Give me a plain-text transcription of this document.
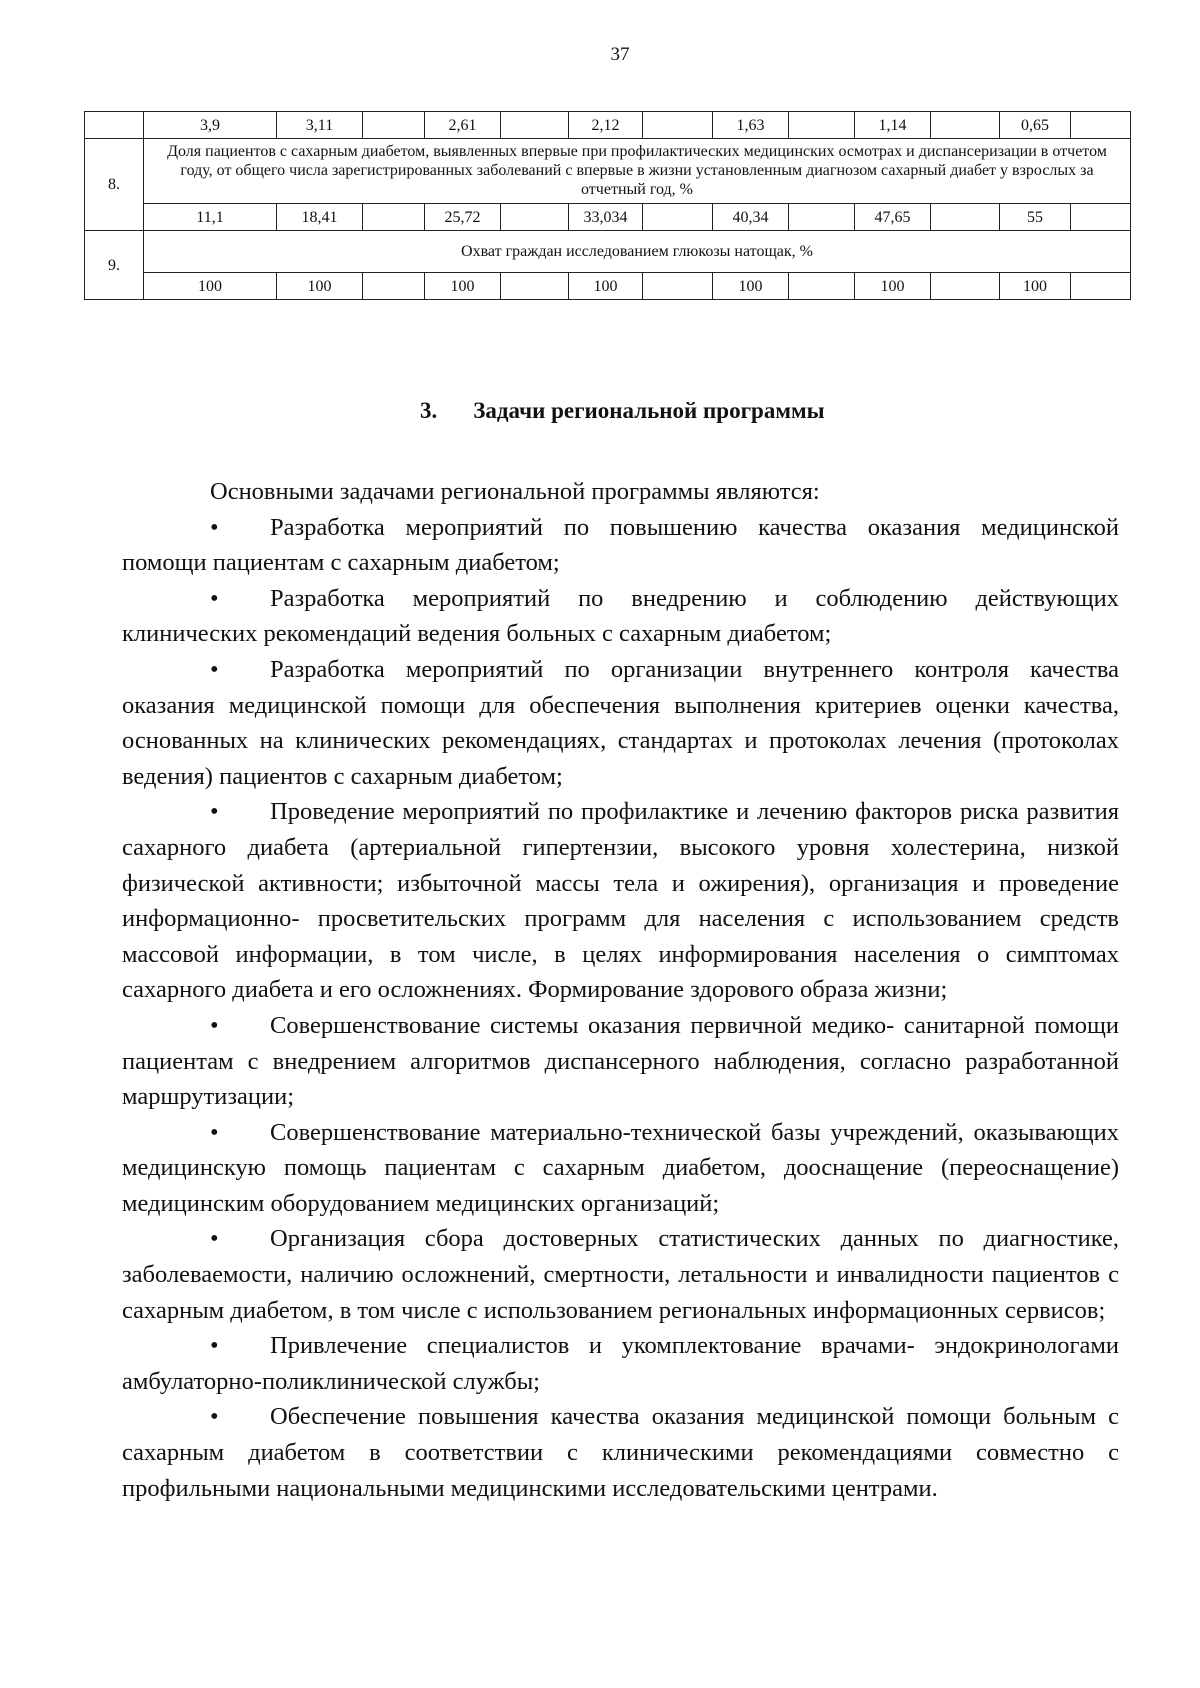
37
	3,9	3,11		2,61		2,12		1,63		1,14		0,65	
8.	Доля пациентов с сахарным диабетом, выявленных впервые при профилактических медицинских осмотрах и диспансеризации в отчетом году, от общего числа зарегистрированных заболеваний с впервые в жизни установленным диагнозом сахарный диабет у взрослых за отчетный год, %												
	11,1	18,41		25,72		33,034		40,34		47,65		55	
9.	Охват граждан исследованием глюкозы натощак, %												
	100	100		100		100		100		100		100	
3. Задачи региональной программы

Основными задачами региональной программы являются:

• Разработка мероприятий по повышению качества оказания медицинской помощи пациентам с сахарным диабетом;

• Разработка мероприятий по внедрению и соблюдению действующих клинических рекомендаций ведения больных с сахарным диабетом;

• Разработка мероприятий по организации внутреннего контроля качества оказания медицинской помощи для обеспечения выполнения критериев оценки качества, основанных на клинических рекомендациях, стандартах и протоколах лечения (протоколах ведения) пациентов с сахарным диабетом;

• Проведение мероприятий по профилактике и лечению факторов риска развития сахарного диабета (артериальной гипертензии, высокого уровня холестерина, низкой физической активности; избыточной массы тела и ожирения), организация и проведение информационно- просветительских программ для населения с использованием средств массовой информации, в том числе, в целях информирования населения о симптомах сахарного диабета и его осложнениях. Формирование здорового образа жизни;

• Совершенствование системы оказания первичной медико- санитарной помощи пациентам с внедрением алгоритмов диспансерного наблюдения, согласно разработанной маршрутизации;

• Совершенствование материально-технической базы учреждений, оказывающих медицинскую помощь пациентам с сахарным диабетом, дооснащение (переоснащение) медицинским оборудованием медицинских организаций;

• Организация сбора достоверных статистических данных по диагностике, заболеваемости, наличию осложнений, смертности, летальности и инвалидности пациентов с сахарным диабетом, в том числе с использованием региональных информационных сервисов;

• Привлечение специалистов и укомплектование врачами- эндокринологами амбулаторно-поликлинической службы;

• Обеспечение повышения качества оказания медицинской помощи больным с сахарным диабетом в соответствии с клиническими рекомендациями совместно с профильными национальными медицинскими исследовательскими центрами.
